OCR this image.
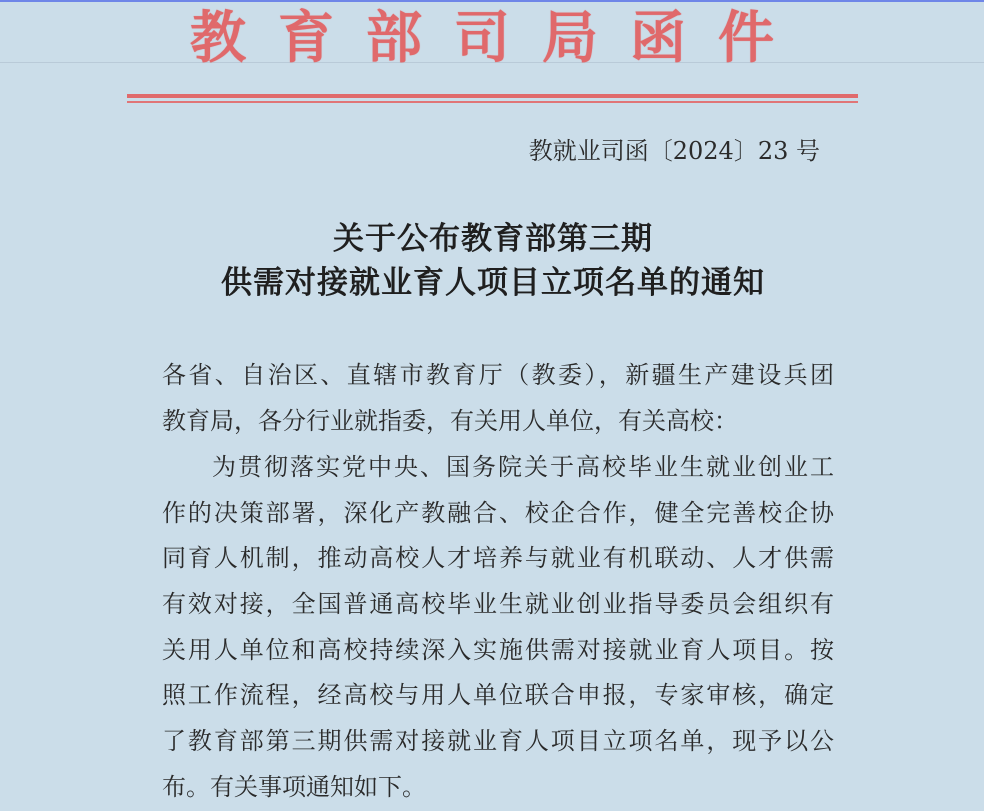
教育部司局函件
教就业司函〔2024〕23 号
关于公布教育部第三期
供需对接就业育人项目立项名单的通知
各省、自治区、直辖市教育厅（教委），新疆生产建设兵团
教育局，各分行业就指委，有关用人单位，有关高校：
为贯彻落实党中央、国务院关于高校毕业生就业创业工
作的决策部署，深化产教融合、校企合作，健全完善校企协
同育人机制，推动高校人才培养与就业有机联动、人才供需
有效对接，全国普通高校毕业生就业创业指导委员会组织有
关用人单位和高校持续深入实施供需对接就业育人项目。按
照工作流程，经高校与用人单位联合申报，专家审核，确定
了教育部第三期供需对接就业育人项目立项名单，现予以公
布。有关事项通知如下。
